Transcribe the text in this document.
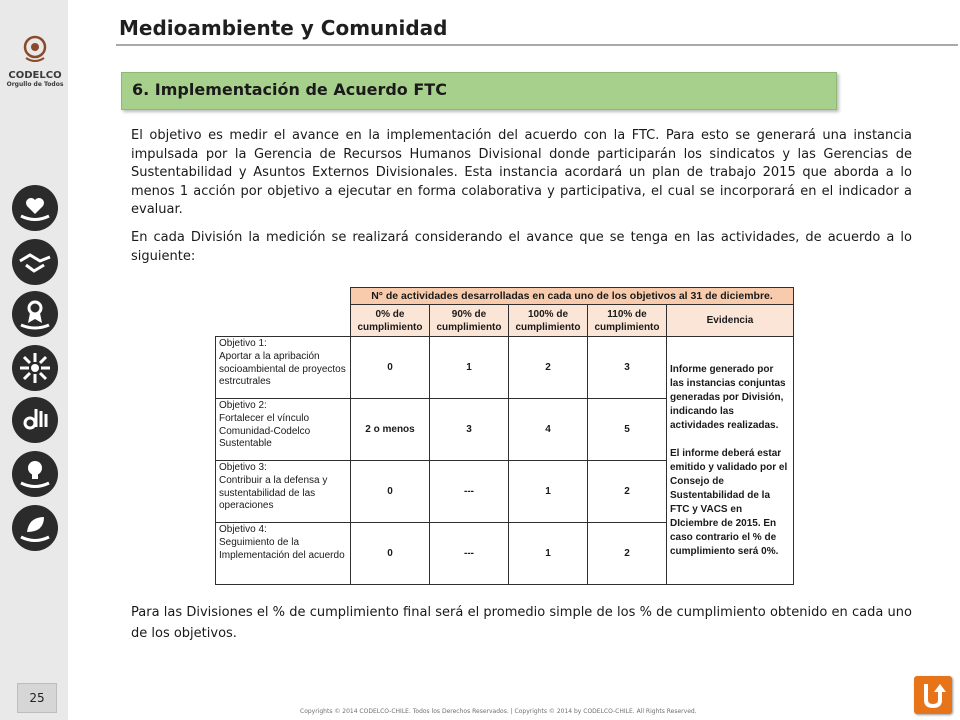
CODELCO
Orgullo de Todos
25
Medioambiente y Comunidad
6. Implementación de Acuerdo FTC
El objetivo es medir el avance en la implementación del acuerdo con la FTC. Para esto se generará una instancia impulsada por la Gerencia de Recursos Humanos Divisional donde participarán los sindicatos y las Gerencias de Sustentabilidad y Asuntos Externos Divisionales. Esta instancia acordará un plan de trabajo 2015 que aborda a lo menos 1 acción por objetivo a ejecutar en forma colaborativa y participativa, el cual se incorporará en el indicador a evaluar.
En cada División la medición se realizará considerando el avance que se tenga en las actividades, de acuerdo a lo siguiente:
	N° de actividades desarrolladas en cada uno de los objetivos al 31 de diciembre.				
	0% de cumplimiento	90% de cumplimiento	100% de cumplimiento	110% de cumplimiento	Evidencia
Objetivo 1:
Aportar a la apribación socioambiental de proyectos estrcutrales	0	1	2	3	Informe generado por las instancias conjuntas generadas por División, indicando las actividades realizadas.

El informe deberá estar emitido y validado por el Consejo de Sustentabilidad de la FTC y VACS en DIciembre de 2015. En caso contrario el % de cumplimiento será 0%.
Objetivo 2:
Fortalecer el vínculo Comunidad-Codelco Sustentable	2 o menos	3	4	5	
Objetivo 3:
Contribuir a la defensa y sustentabilidad de las operaciones	0	---	1	2	
Objetivo 4:
Seguimiento de la Implementación del acuerdo	0	---	1	2	
Para las Divisiones el % de cumplimiento final será el promedio simple de los % de cumplimiento obtenido en cada uno de los objetivos.
Copyrights © 2014 CODELCO-CHILE. Todos los Derechos Reservados. | Copyrights © 2014 by CODELCO-CHILE. All Rights Reserved.
